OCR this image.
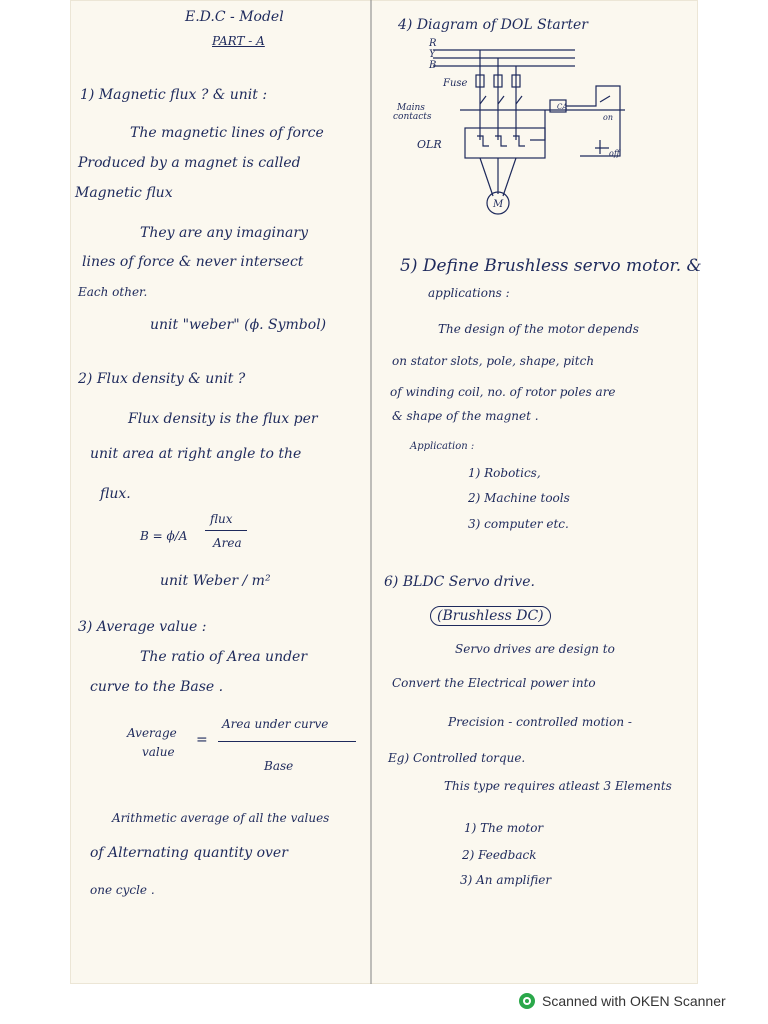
E.D.C - Model
PART - A
1) Magnetic flux ? & unit :
The magnetic lines of force
Produced by a magnet is called
Magnetic flux
They are any imaginary
lines of force & never intersect
Each other.
unit "weber" (ϕ. Symbol)
2) Flux density & unit ?
Flux density is the flux per
unit area at right angle to the
flux.
B = ϕ/A
flux
Area
unit Weber / m²
3) Average value :
The ratio of Area under
curve to the Base .
Average
value
=
Area under curve
Base
Arithmetic average of all the values
of Alternating quantity over
one cycle .
4) Diagram of DOL Starter
R
Y
B
Fuse
Mains
contacts
OLR
M
CA
on
off
5) Define Brushless servo motor. &
applications :
The design of the motor depends
on stator slots, pole, shape, pitch
of winding coil, no. of rotor poles are
& shape of the magnet .
Application :
1) Robotics,
2) Machine tools
3) computer etc.
6) BLDC Servo drive.
(Brushless DC)
Servo drives are design to
Convert the Electrical power into
Precision - controlled motion -
Eg) Controlled torque.
This type requires atleast 3 Elements
1) The motor
2) Feedback
3) An amplifier
Scanned with OKEN Scanner
